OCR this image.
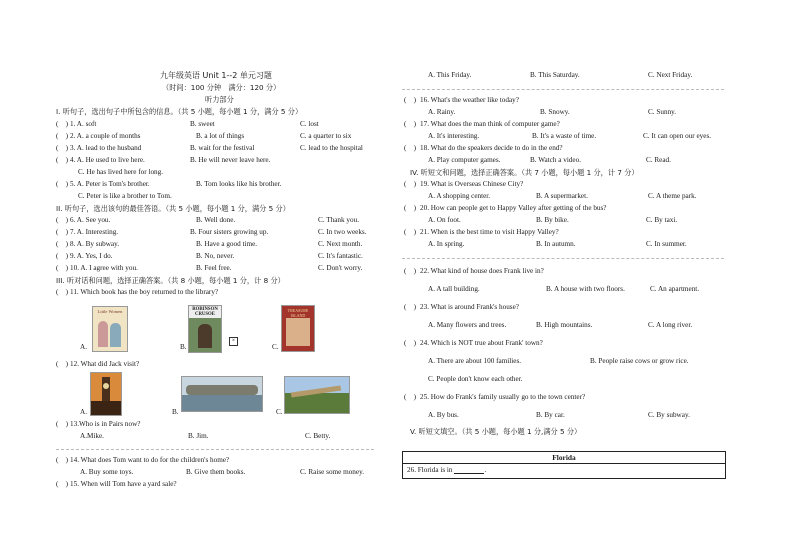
九年级英语 Unit 1--2 单元习题
（时间：100 分钟　满分：120 分）
听力部分
I. 听句子，选出句子中所包含的信息。（共 5 小题，每小题 1 分，满分 5 分）
(　) 1. A. soft	B. sweet	C. lost
(　) 2. A. a couple of months	B. a lot of things	C. a quarter to six
(　) 3. A. lead to the husband	B. wait for the festival	C. lead to the hospital
(　) 4. A. He used to live here.	B. He will never leave here.
C. He has lived here for long.
(　) 5. A. Peter is Tom's brother.	B. Tom looks like his brother.
C. Peter is like a brother to Tom.
II. 听句子，选出该句的最佳答语。（共 5 小题，每小题 1 分，满分 5 分）
(　) 6. A. See you.	B. Well done.	C. Thank you.
(　) 7. A. Interesting.	B. Four sisters growing up.	C. In two weeks.
(　) 8. A. By subway.	B. Have a good time.	C. Next month.
(　) 9. A. Yes, I do.	B. No, never.	C. It's fantastic.
(　) 10. A. I agree with you.	B. Feel free.	C. Don't worry.
III. 听对话和问题，选择正确答案。（共 8 小题，每小题 1 分，计 8 分）
(　) 11. Which book has the boy returned to the library?
Little Women
A.
ROBINSON
CRUSOE
×
B.
TREASURE ISLAND
C.
(　) 12. What did Jack visit?
A.	B.	C.
(　) 13.Who is in Pairs now?
A.Mike.	B. Jim.	C. Betty.
(　) 14. What does Tom want to do for the children's home?
A. Buy some toys.	B. Give them books.	C. Raise some money.
(　) 15. When will Tom have a yard sale?
A. This Friday.	B. This Saturday.	C. Next Friday.
(　) 16. What's the weather like today?
A. Rainy.	B. Snowy.	C. Sunny.
(　) 17. What does the man think of computer game?
A. It's interesting.	B. It's a waste of time.	C. It can open our eyes.
(　) 18. What do the speakers decide to do in the end?
A. Play computer games.	B. Watch a video.	C. Read.
IV. 听短文和问题，选择正确答案。（共 7 小题，每小题 1 分，计 7 分）
(　) 19. What is Overseas Chinese City?
A. A shopping center.	B. A supermarket.	C. A theme park.
(　) 20. How can people get to Happy Valley after getting of the bus?
A. On foot.	B. By bike.	C. By taxi.
(　) 21. When is the best time to visit Happy Valley?
A. In spring.	B. In autumn.	C. In summer.
(　) 22. What kind of house does Frank live in?
A. A tall building.	B. A house with two floors.	C. An apartment.
(　) 23. What is around Frank's house?
A. Many flowers and trees.	B. High mountains.	C. A long river.
(　) 24. Which is NOT true about Frank' town?
A. There are about 100 families.	B. People raise cows or grow rice.
C. People don't know each other.
(　) 25. How do Frank's family usually go to the town center?
A. By bus.	B. By car.	C. By subway.
V. 听短文填空。（共 5 小题，每小题 1 分,满分 5 分）
Florida
26. Florida is in	.
